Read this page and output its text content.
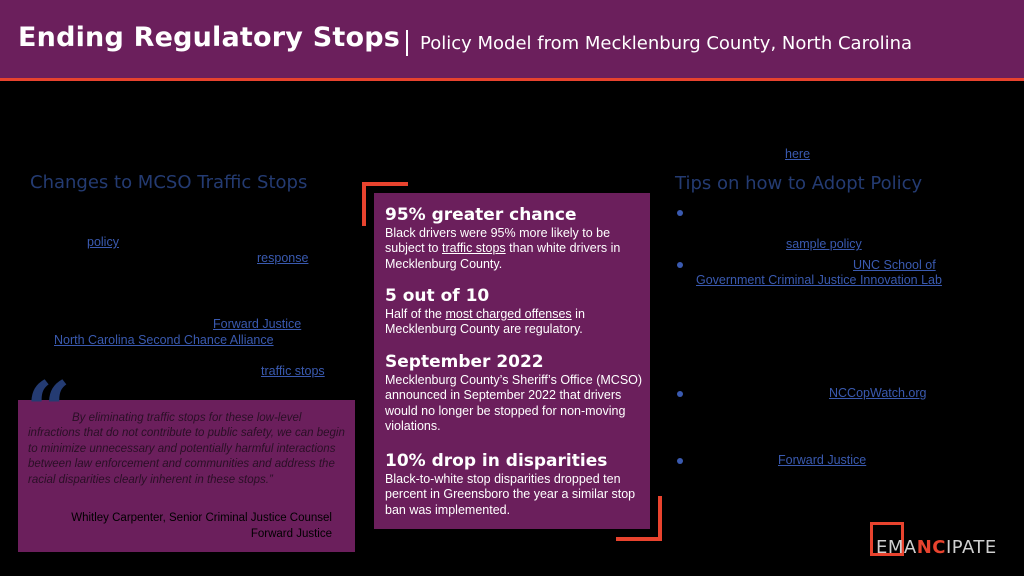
Ending Regulatory Stops Policy Model from Mecklenburg County, North Carolina
Changes to MCSO Traffic Stops
policy
response
Forward Justice
North Carolina Second Chance Alliance
traffic stops
“ By eliminating traffic stops for these low-level infractions that do not contribute to public safety, we can begin to minimize unnecessary and potentially harmful interactions between law enforcement and communities and address the racial disparities clearly inherent in these stops.”
Whitley Carpenter, Senior Criminal Justice Counsel
Forward Justice
95% greater chance
Black drivers were 95% more likely to be subject to traffic stops than white drivers in Mecklenburg County.
5 out of 10
Half of the most charged offenses in Mecklenburg County are regulatory.
September 2022
Mecklenburg County’s Sheriff’s Office (MCSO) announced in September 2022 that drivers would no longer be stopped for non-moving violations.
10% drop in disparities
Black-to-white stop disparities dropped ten percent in Greensboro the year a similar stop ban was implemented.
here
Tips on how to Adopt Policy
sample policy
UNC School of
Government Criminal Justice Innovation Lab
NCCopWatch.org
Forward Justice
EMANCIPATE
